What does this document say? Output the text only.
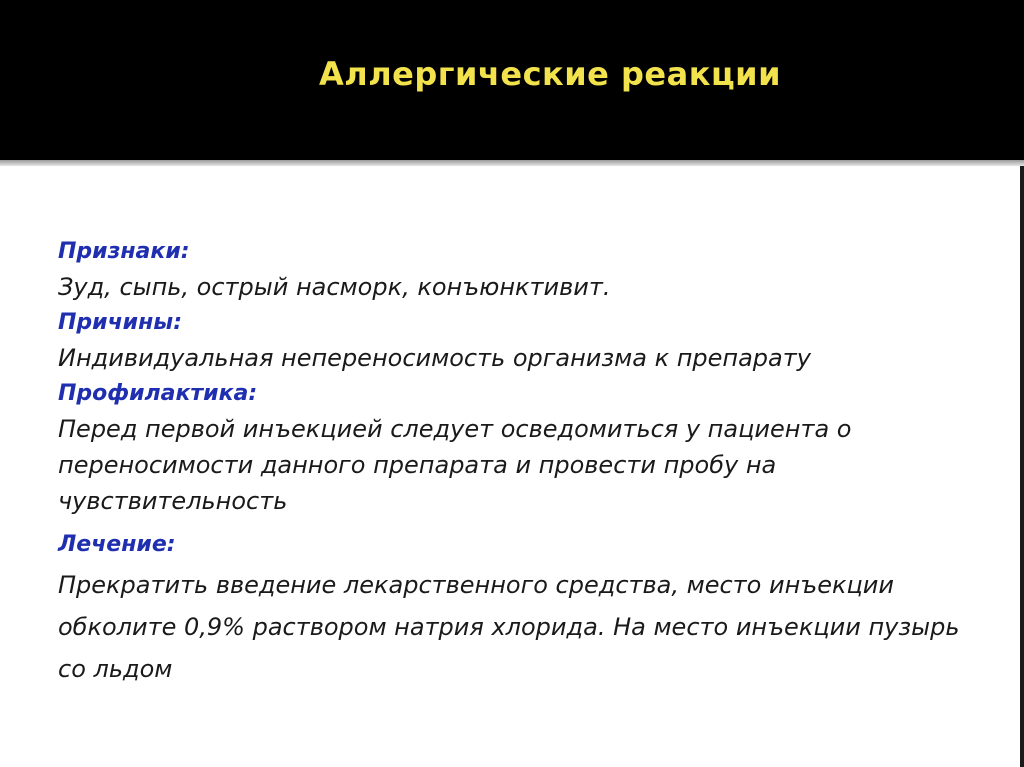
Аллергические реакции
Признаки:
Зуд, сыпь, острый насморк, конъюнктивит.
Причины:
Индивидуальная непереносимость организма к препарату
Профилактика:
Перед первой инъекцией следует осведомиться у пациента о переносимости данного препарата и провести пробу на чувствительность
Лечение:
Прекратить введение лекарственного средства, место инъекции обколите 0,9% раствором натрия хлорида. На место инъекции пузырь со льдом
